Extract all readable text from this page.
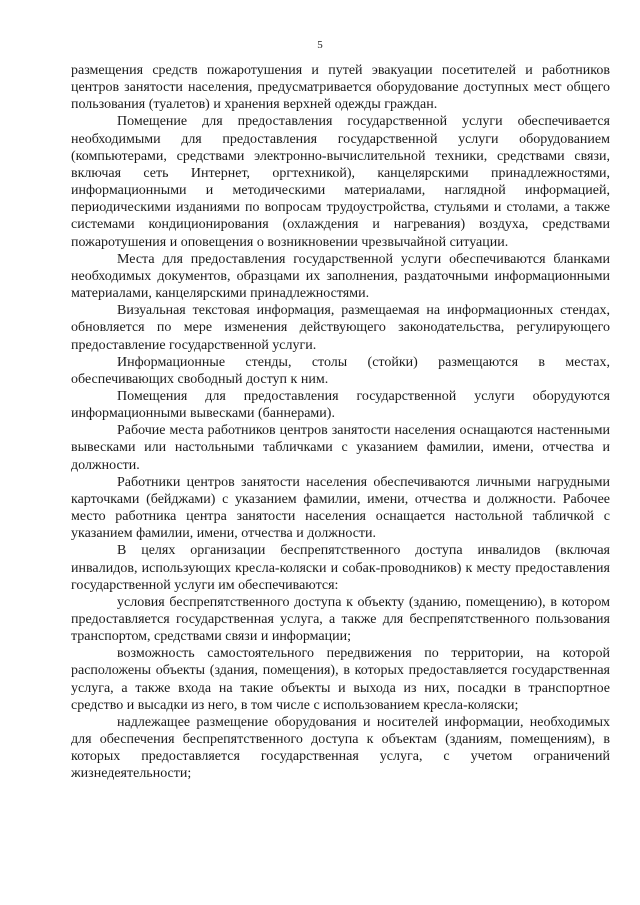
5

размещения средств пожаротушения и путей эвакуации посетителей и работников центров занятости населения, предусматривается оборудование доступных мест общего пользования (туалетов) и хранения верхней одежды граждан.

Помещение для предоставления государственной услуги обеспечивается необходимыми для предоставления государственной услуги оборудованием (компьютерами, средствами электронно-вычислительной техники, средствами связи, включая сеть Интернет, оргтехникой), канцелярскими принадлежностями, информационными и методическими материалами, наглядной информацией, периодическими изданиями по вопросам трудоустройства, стульями и столами, а также системами кондиционирования (охлаждения и нагревания) воздуха, средствами пожаротушения и оповещения о возникновении чрезвычайной ситуации.

Места для предоставления государственной услуги обеспечиваются бланками необходимых документов, образцами их заполнения, раздаточными информационными материалами, канцелярскими принадлежностями.

Визуальная текстовая информация, размещаемая на информационных стендах, обновляется по мере изменения действующего законодательства, регулирующего предоставление государственной услуги.

Информационные стенды, столы (стойки) размещаются в местах, обеспечивающих свободный доступ к ним.

Помещения для предоставления государственной услуги оборудуются информационными вывесками (баннерами).

Рабочие места работников центров занятости населения оснащаются настенными вывесками или настольными табличками с указанием фамилии, имени, отчества и должности.

Работники центров занятости населения обеспечиваются личными нагрудными карточками (бейджами) с указанием фамилии, имени, отчества и должности. Рабочее место работника центра занятости населения оснащается настольной табличкой с указанием фамилии, имени, отчества и должности.

В целях организации беспрепятственного доступа инвалидов (включая инвалидов, использующих кресла-коляски и собак-проводников) к месту предоставления государственной услуги им обеспечиваются:

условия беспрепятственного доступа к объекту (зданию, помещению), в котором предоставляется государственная услуга, а также для беспрепятственного пользования транспортом, средствами связи и информации;

возможность самостоятельного передвижения по территории, на которой расположены объекты (здания, помещения), в которых предоставляется государственная услуга, а также входа на такие объекты и выхода из них, посадки в транспортное средство и высадки из него, в том числе с использованием кресла-коляски;

надлежащее размещение оборудования и носителей информации, необходимых для обеспечения беспрепятственного доступа к объектам (зданиям, помещениям), в которых предоставляется государственная услуга, с учетом ограничений жизнедеятельности;
